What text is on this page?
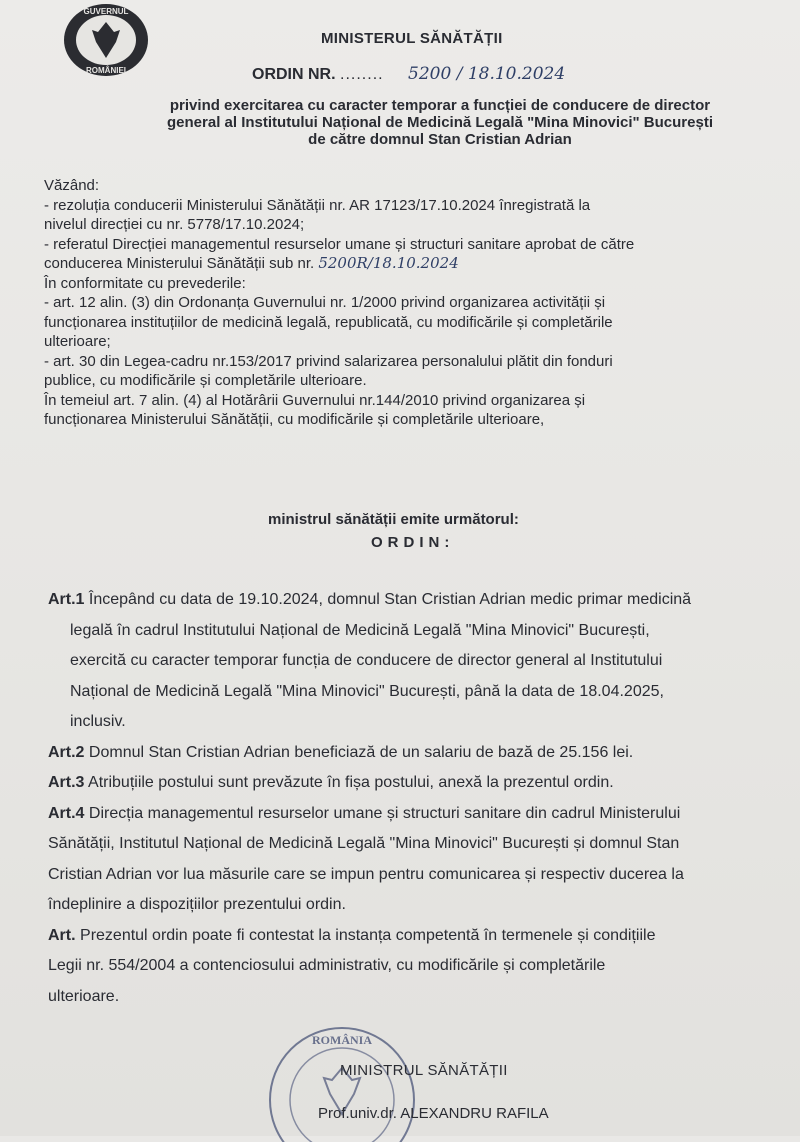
GUVERNUL
ROMÂNIEI
MINISTERUL SĂNĂTĂȚII
ORDIN NR. ........ 5200 / 18.10.2024
privind exercitarea cu caracter temporar a funcției de conducere de director
general al Institutului Național de Medicină Legală "Mina Minovici" București
de către domnul Stan Cristian Adrian
Văzând:
- rezoluția conducerii Ministerului Sănătății nr. AR 17123/17.10.2024 înregistrată la
nivelul direcției cu nr. 5778/17.10.2024;
- referatul Direcției managementul resurselor umane și structuri sanitare aprobat de către
conducerea Ministerului Sănătății sub nr. 5200R/18.10.2024
În conformitate cu prevederile:
- art. 12 alin. (3) din Ordonanța Guvernului nr. 1/2000 privind organizarea activității și
funcționarea instituțiilor de medicină legală, republicată, cu modificările și completările
ulterioare;
- art. 30 din Legea-cadru nr.153/2017 privind salarizarea personalului plătit din fonduri
publice, cu modificările și completările ulterioare.
În temeiul art. 7 alin. (4) al Hotărârii Guvernului nr.144/2010 privind organizarea și
funcționarea Ministerului Sănătății, cu modificările și completările ulterioare,
ministrul sănătății emite următorul:
ORDIN:
Art.1 Începând cu data de 19.10.2024, domnul Stan Cristian Adrian medic primar medicină
legală în cadrul Institutului Național de Medicină Legală "Mina Minovici" București,
exercită cu caracter temporar funcția de conducere de director general al Institutului
Național de Medicină Legală "Mina Minovici" București, până la data de 18.04.2025,
inclusiv.
Art.2 Domnul Stan Cristian Adrian beneficiază de un salariu de bază de 25.156 lei.
Art.3 Atribuțiile postului sunt prevăzute în fișa postului, anexă la prezentul ordin.
Art.4 Direcția managementul resurselor umane și structuri sanitare din cadrul Ministerului
Sănătății, Institutul Național de Medicină Legală "Mina Minovici" București și domnul Stan
Cristian Adrian vor lua măsurile care se impun pentru comunicarea și respectiv ducerea la
îndeplinire a dispozițiilor prezentului ordin.
Art. Prezentul ordin poate fi contestat la instanța competentă în termenele și condițiile
Legii nr. 554/2004 a contenciosului administrativ, cu modificările și completările
ulterioare.
ROMÂNIA
MINISTRUL SĂNĂTĂȚII
Prof.univ.dr. ALEXANDRU RAFILA
